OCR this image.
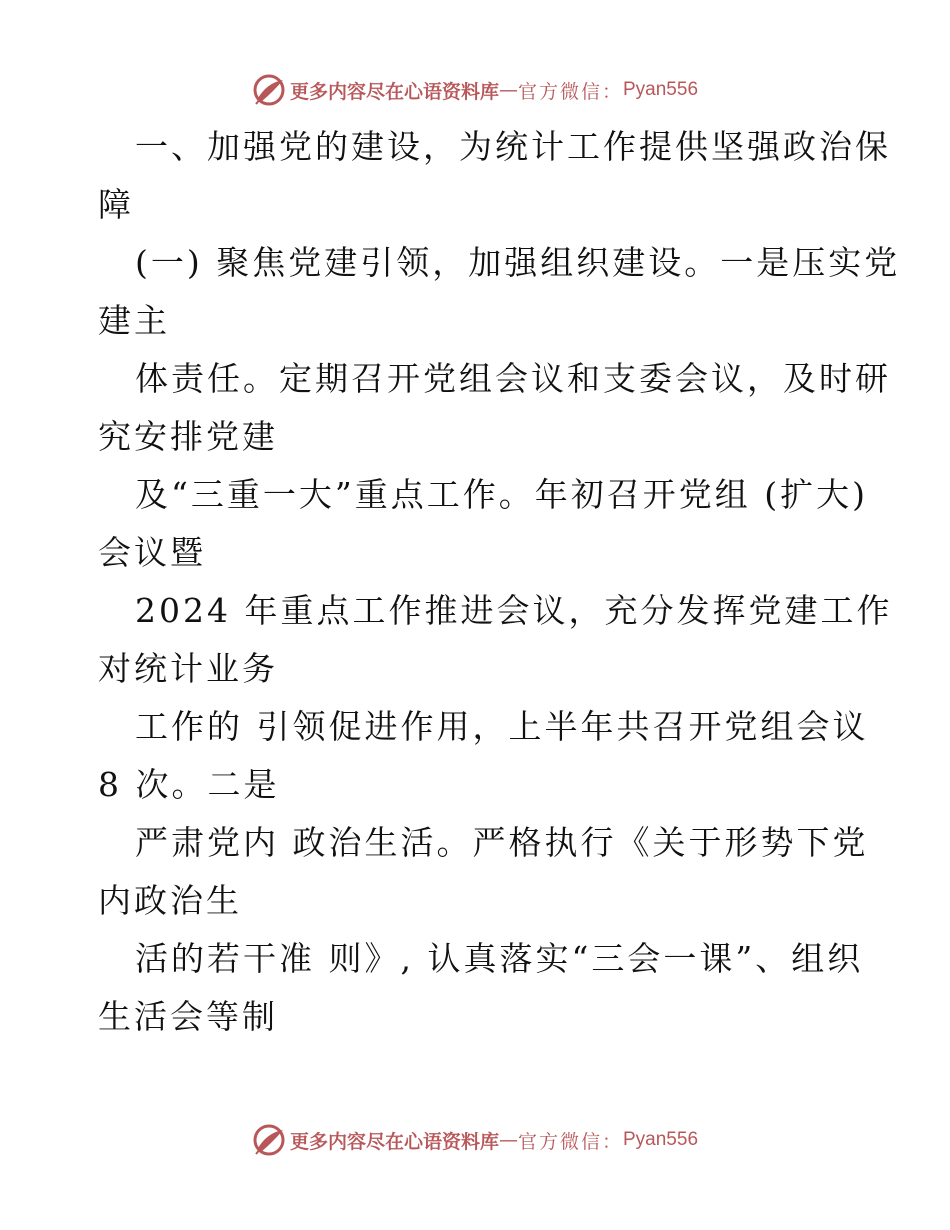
更多内容尽在心语资料库 — 官方微信： Pyan556
一、加强党的建设，为统计工作提供坚强政治保
障
(一) 聚焦党建引领，加强组织建设。一是压实党
建主
体责任。定期召开党组会议和支委会议，及时研
究安排党建
及“三重一大”重点工作。年初召开党组 (扩大)
会议暨
2024 年重点工作推进会议，充分发挥党建工作
对统计业务
工作的 引领促进作用，上半年共召开党组会议
8 次。二是
严肃党内 政治生活。严格执行《关于形势下党
内政治生
活的若干准 则》, 认真落实“三会一课”、组织
生活会等制
更多内容尽在心语资料库 — 官方微信： Pyan556
